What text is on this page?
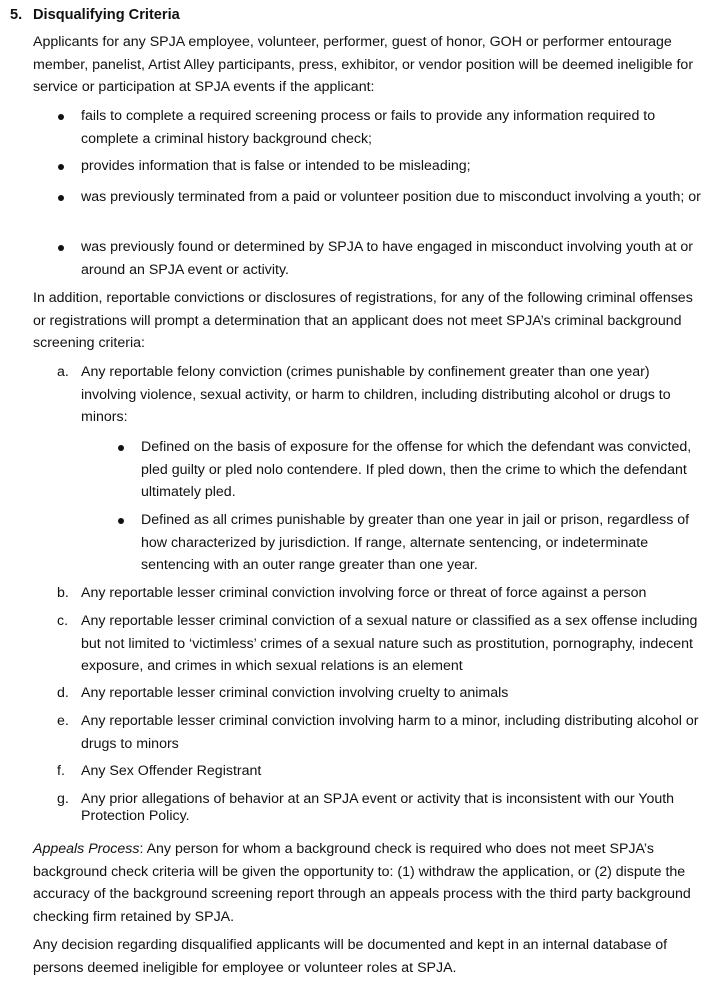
5. Disqualifying Criteria

Applicants for any SPJA employee, volunteer, performer, guest of honor, GOH or performer entourage member, panelist, Artist Alley participants, press, exhibitor, or vendor position will be deemed ineligible for service or participation at SPJA events if the applicant:

fails to complete a required screening process or fails to provide any information required to complete a criminal history background check;
provides information that is false or intended to be misleading;
was previously terminated from a paid or volunteer position due to misconduct involving a youth; or
was previously found or determined by SPJA to have engaged in misconduct involving youth at or around an SPJA event or activity.

In addition, reportable convictions or disclosures of registrations, for any of the following criminal offenses or registrations will prompt a determination that an applicant does not meet SPJA’s criminal background screening criteria:

a. Any reportable felony conviction (crimes punishable by confinement greater than one year) involving violence, sexual activity, or harm to children, including distributing alcohol or drugs to minors:
Defined on the basis of exposure for the offense for which the defendant was convicted, pled guilty or pled nolo contendere. If pled down, then the crime to which the defendant ultimately pled.
Defined as all crimes punishable by greater than one year in jail or prison, regardless of how characterized by jurisdiction. If range, alternate sentencing, or indeterminate sentencing with an outer range greater than one year.
b. Any reportable lesser criminal conviction involving force or threat of force against a person
c. Any reportable lesser criminal conviction of a sexual nature or classified as a sex offense including but not limited to ‘victimless’ crimes of a sexual nature such as prostitution, pornography, indecent exposure, and crimes in which sexual relations is an element
d. Any reportable lesser criminal conviction involving cruelty to animals
e. Any reportable lesser criminal conviction involving harm to a minor, including distributing alcohol or drugs to minors
f. Any Sex Offender Registrant
g. Any prior allegations of behavior at an SPJA event or activity that is inconsistent with our Youth Protection Policy.

Appeals Process: Any person for whom a background check is required who does not meet SPJA’s background check criteria will be given the opportunity to: (1) withdraw the application, or (2) dispute the accuracy of the background screening report through an appeals process with the third party background checking firm retained by SPJA.

Any decision regarding disqualified applicants will be documented and kept in an internal database of persons deemed ineligible for employee or volunteer roles at SPJA.
